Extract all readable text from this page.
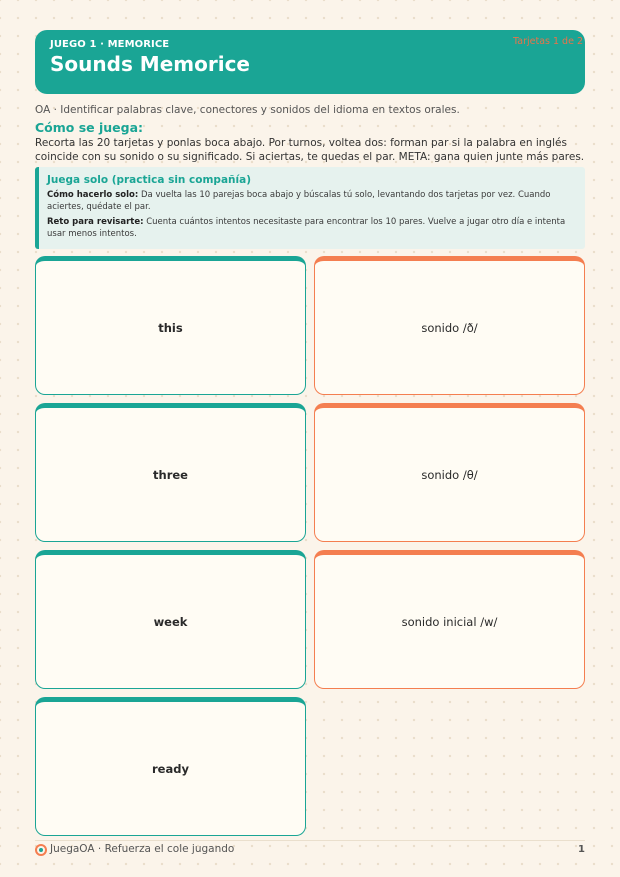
JUEGO 1 · MEMORICE
Sounds Memorice
Tarjetas 1 de 2
OA · Identificar palabras clave, conectores y sonidos del idioma en textos orales.
Cómo se juega:
Recorta las 20 tarjetas y ponlas boca abajo. Por turnos, voltea dos: forman par si la palabra en inglés coincide con su sonido o su significado. Si aciertas, te quedas el par. META: gana quien junte más pares.
Juega solo (practica sin compañía)

Cómo hacerlo solo: Da vuelta las 10 parejas boca abajo y búscalas tú solo, levantando dos tarjetas por vez. Cuando aciertes, quédate el par.

Reto para revisarte: Cuenta cuántos intentos necesitaste para encontrar los 10 pares. Vuelve a jugar otro día e intenta usar menos intentos.

this	sonido /ð/
three	sonido /θ/
week	sonido inicial /w/
ready
JuegaOA · Refuerza el cole jugando	1
